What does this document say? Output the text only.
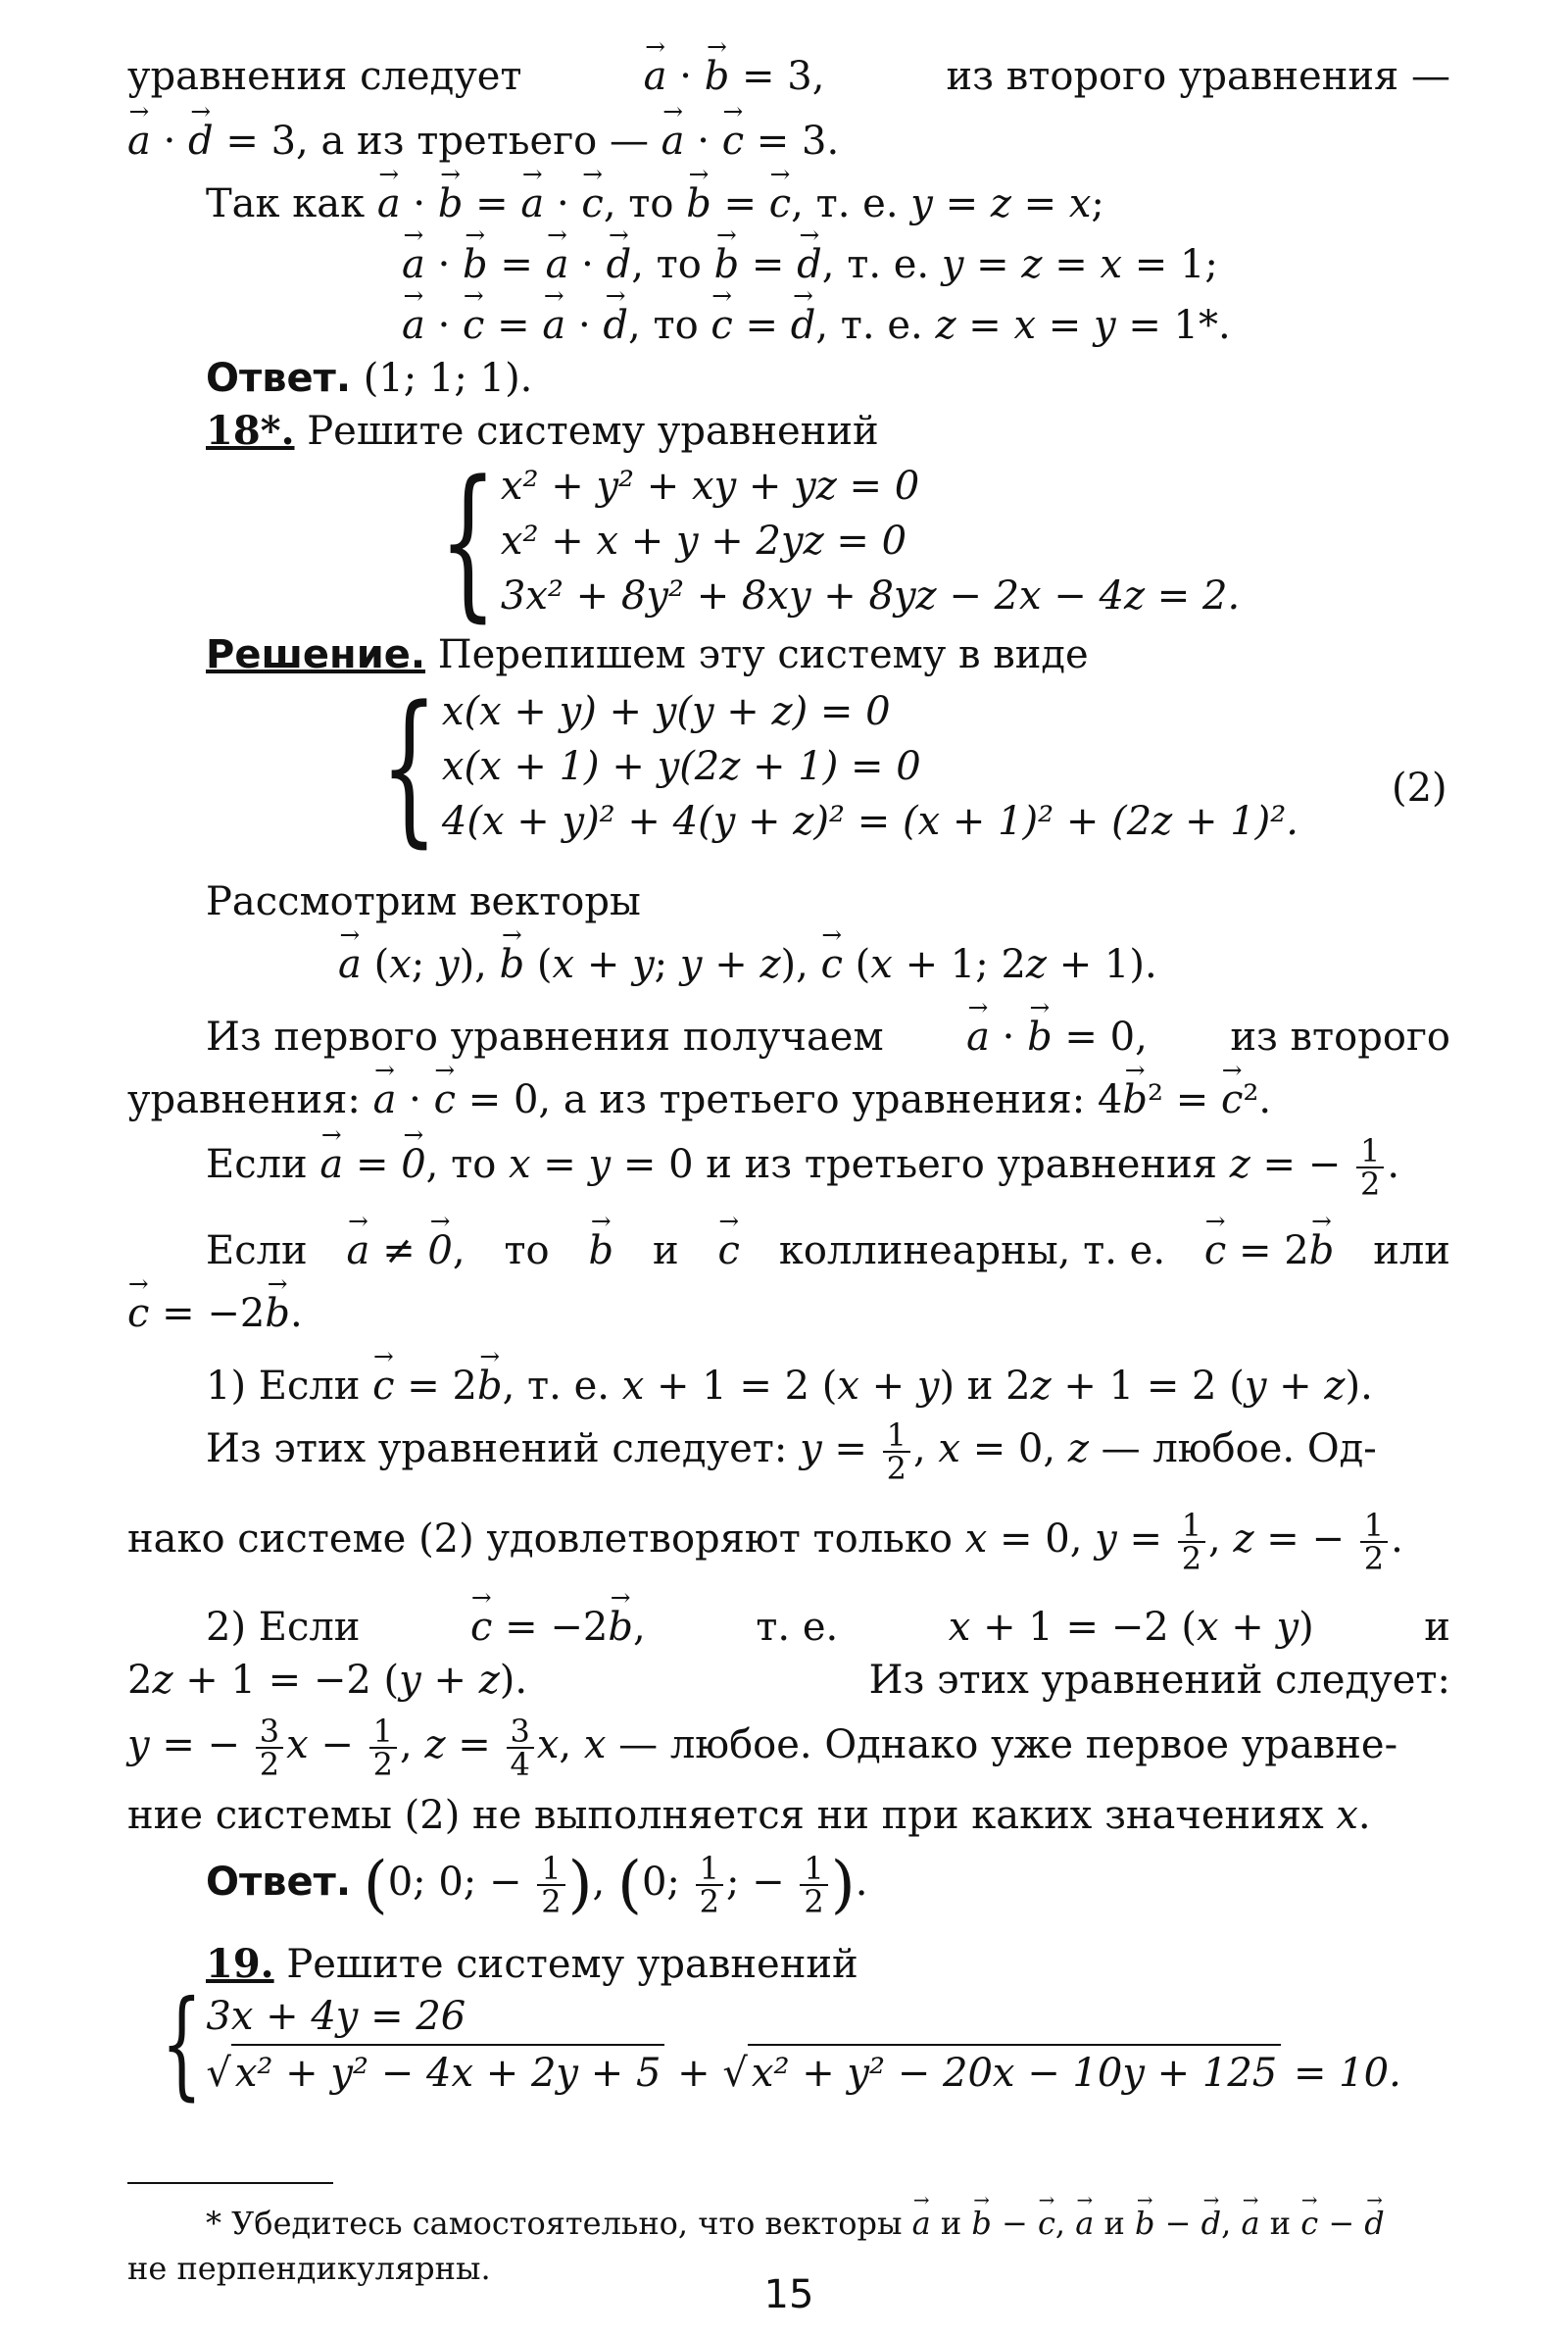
уравнения следует	→ a · → b = 3,	из второго уравнения —
→ a · → d = 3, а из третьего — → a · → c = 3.
Так как → a · → b = → a · → c, то → b = → c, т. е. y = z = x;
→ a · → b = → a · → d, то → b = → d, т. е. y = z = x = 1;
→ a · → c = → a · → d, то → c = → d, т. е. z = x = y = 1*.
Ответ. (1; 1; 1).
18*. Решите систему уравнений
{ x² + y² + xy + yz = 0
x² + x + y + 2yz = 0
3x² + 8y² + 8xy + 8yz − 2x − 4z = 2.
Решение. Перепишем эту систему в виде
{ x(x + y) + y(y + z) = 0
x(x + 1) + y(2z + 1) = 0
4(x + y)² + 4(y + z)² = (x + 1)² + (2z + 1)².
(2)
Рассмотрим векторы
→ a (x; y), → b (x + y; y + z), → c (x + 1; 2z + 1).
Из первого уравнения получаем → a · → b = 0, из второго
уравнения: → a · → c = 0, а из третьего уравнения: 4→ b² = → c².
Если → a = → 0, то x = y = 0 и из третьего уравнения z = − $\frac{1}{2}$ .
Если → a ≠ → 0, то → b и → c коллинеарны, т. е. → c = 2→ b или
→ c = −2→ b.
1) Если → c = 2→ b, т. е. x + 1 = 2 (x + y) и 2z + 1 = 2 (y + z).
Из этих уравнений следует: $y = \frac{1}{2}$ , x = 0, z — любое. Од-
нако системе (2) удовлетворяют только x = 0, $y = \frac{1}{2}$ , z = − $\frac{1}{2}$ .
2) Если	→ c = −2→ b,	т. е.	x + 1 = −2 (x + y)	и
2z + 1 = −2 (y + z).	Из этих уравнений следует:
y = − $\frac{3}{2}$ $x - \frac{1}{2}$ , $z = \frac{3}{4} x$, x — любое. Однако уже первое уравне-
ние системы (2) не выполняется ни при каких значениях x.
Ответ. (0; 0; − $\frac{1}{2}$ ), (0; $\frac{1}{2}$ ; − $\frac{1}{2}$ ).
19. Решите систему уравнений
{ 3x + 4y = 26
√ x² + y² − 4x + 2y + 5 + √ x² + y² − 20x − 10y + 125 = 10.
* Убедитесь самостоятельно, что векторы → a и → b − → c, → a и → b − → d, → a и → c − → d
не перпендикулярны.
15
